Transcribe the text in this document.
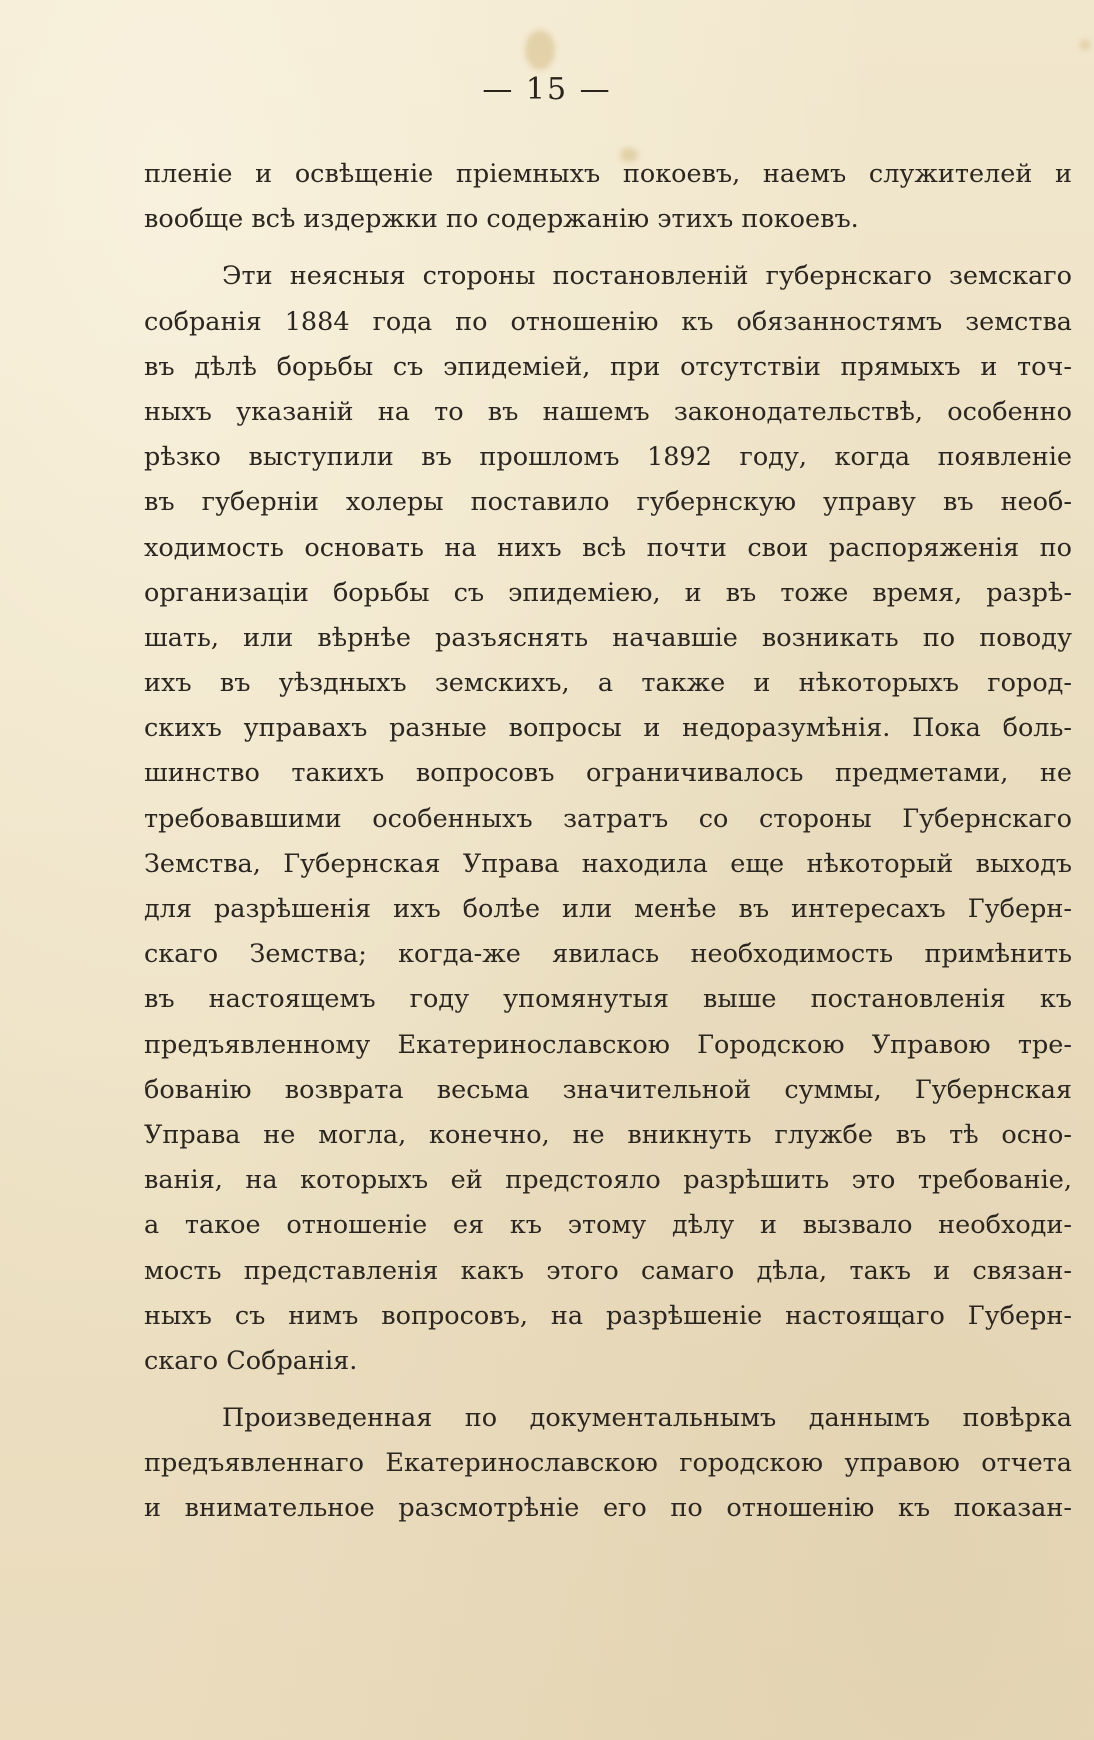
— 15 —
пленіе и освѣщеніе пріемныхъ покоевъ, наемъ служителей и
вообще всѣ издержки по содержанію этихъ покоевъ.
Эти неясныя стороны постановленій губернскаго земскаго
собранія 1884 года по отношенію къ обязанностямъ земства
въ дѣлѣ борьбы съ эпидеміей, при отсутствіи прямыхъ и точ-
ныхъ указаній на то въ нашемъ законодательствѣ, особенно
рѣзко выступили въ прошломъ 1892 году, когда появленіе
въ губерніи холеры поставило губернскую управу въ необ-
ходимость основать на нихъ всѣ почти свои распоряженія по
организаціи борьбы съ эпидеміею, и въ тоже время, разрѣ-
шать, или вѣрнѣе разъяснять начавшіе возникать по поводу
ихъ въ уѣздныхъ земскихъ, а также и нѣкоторыхъ город-
скихъ управахъ разные вопросы и недоразумѣнія. Пока боль-
шинство такихъ вопросовъ ограничивалось предметами, не
требовавшими особенныхъ затратъ со стороны Губернскаго
Земства, Губернская Управа находила еще нѣкоторый выходъ
для разрѣшенія ихъ болѣе или менѣе въ интересахъ Губерн-
скаго Земства; когда-же явилась необходимость примѣнить
въ настоящемъ году упомянутыя выше постановленія къ
предъявленному Екатеринославскою Городскою Управою тре-
бованію возврата весьма значительной суммы, Губернская
Управа не могла, конечно, не вникнуть глужбе въ тѣ осно-
ванія, на которыхъ ей предстояло разрѣшить это требованіе,
а такое отношеніе ея къ этому дѣлу и вызвало необходи-
мость представленія какъ этого самаго дѣла, такъ и связан-
ныхъ съ нимъ вопросовъ, на разрѣшеніе настоящаго Губерн-
скаго Собранія.
Произведенная по документальнымъ даннымъ повѣрка
предъявленнаго Екатеринославскою городскою управою отчета
и внимательное разсмотрѣніе его по отношенію къ показан-
